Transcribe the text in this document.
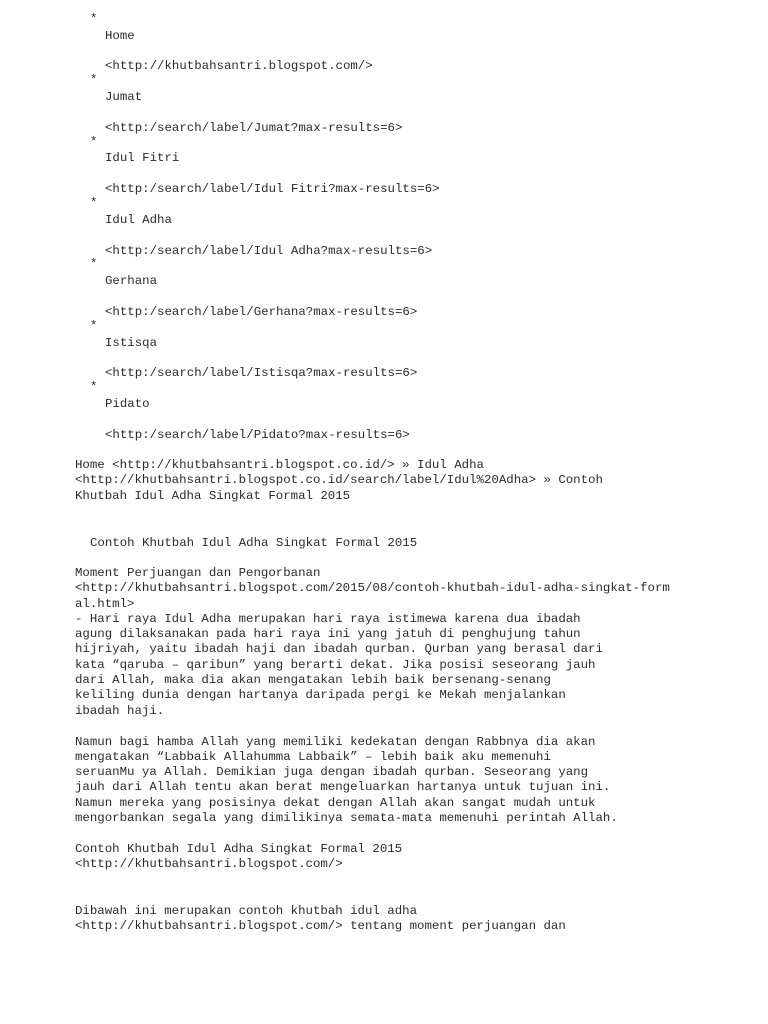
*
Home
<http://khutbahsantri.blogspot.com/>
*
Jumat
<http:/search/label/Jumat?max-results=6>
*
Idul Fitri
<http:/search/label/Idul Fitri?max-results=6>
*
Idul Adha
<http:/search/label/Idul Adha?max-results=6>
*
Gerhana
<http:/search/label/Gerhana?max-results=6>
*
Istisqa
<http:/search/label/Istisqa?max-results=6>
*
Pidato
<http:/search/label/Pidato?max-results=6>
Home <http://khutbahsantri.blogspot.co.id/> » Idul Adha
<http://khutbahsantri.blogspot.co.id/search/label/Idul%20Adha> » Contoh
Khutbah Idul Adha Singkat Formal 2015
Contoh Khutbah Idul Adha Singkat Formal 2015
Moment Perjuangan dan Pengorbanan
<http://khutbahsantri.blogspot.com/2015/08/contoh-khutbah-idul-adha-singkat-form
al.html>
- Hari raya Idul Adha merupakan hari raya istimewa karena dua ibadah
agung dilaksanakan pada hari raya ini yang jatuh di penghujung tahun
hijriyah, yaitu ibadah haji dan ibadah qurban. Qurban yang berasal dari
kata “qaruba – qaribun” yang berarti dekat. Jika posisi seseorang jauh
dari Allah, maka dia akan mengatakan lebih baik bersenang-senang
keliling dunia dengan hartanya daripada pergi ke Mekah menjalankan
ibadah haji.
Namun bagi hamba Allah yang memiliki kedekatan dengan Rabbnya dia akan
mengatakan “Labbaik Allahumma Labbaik” – lebih baik aku memenuhi
seruanMu ya Allah. Demikian juga dengan ibadah qurban. Seseorang yang
jauh dari Allah tentu akan berat mengeluarkan hartanya untuk tujuan ini.
Namun mereka yang posisinya dekat dengan Allah akan sangat mudah untuk
mengorbankan segala yang dimilikinya semata-mata memenuhi perintah Allah.
Contoh Khutbah Idul Adha Singkat Formal 2015
<http://khutbahsantri.blogspot.com/>
Dibawah ini merupakan contoh khutbah idul adha
<http://khutbahsantri.blogspot.com/> tentang moment perjuangan dan
